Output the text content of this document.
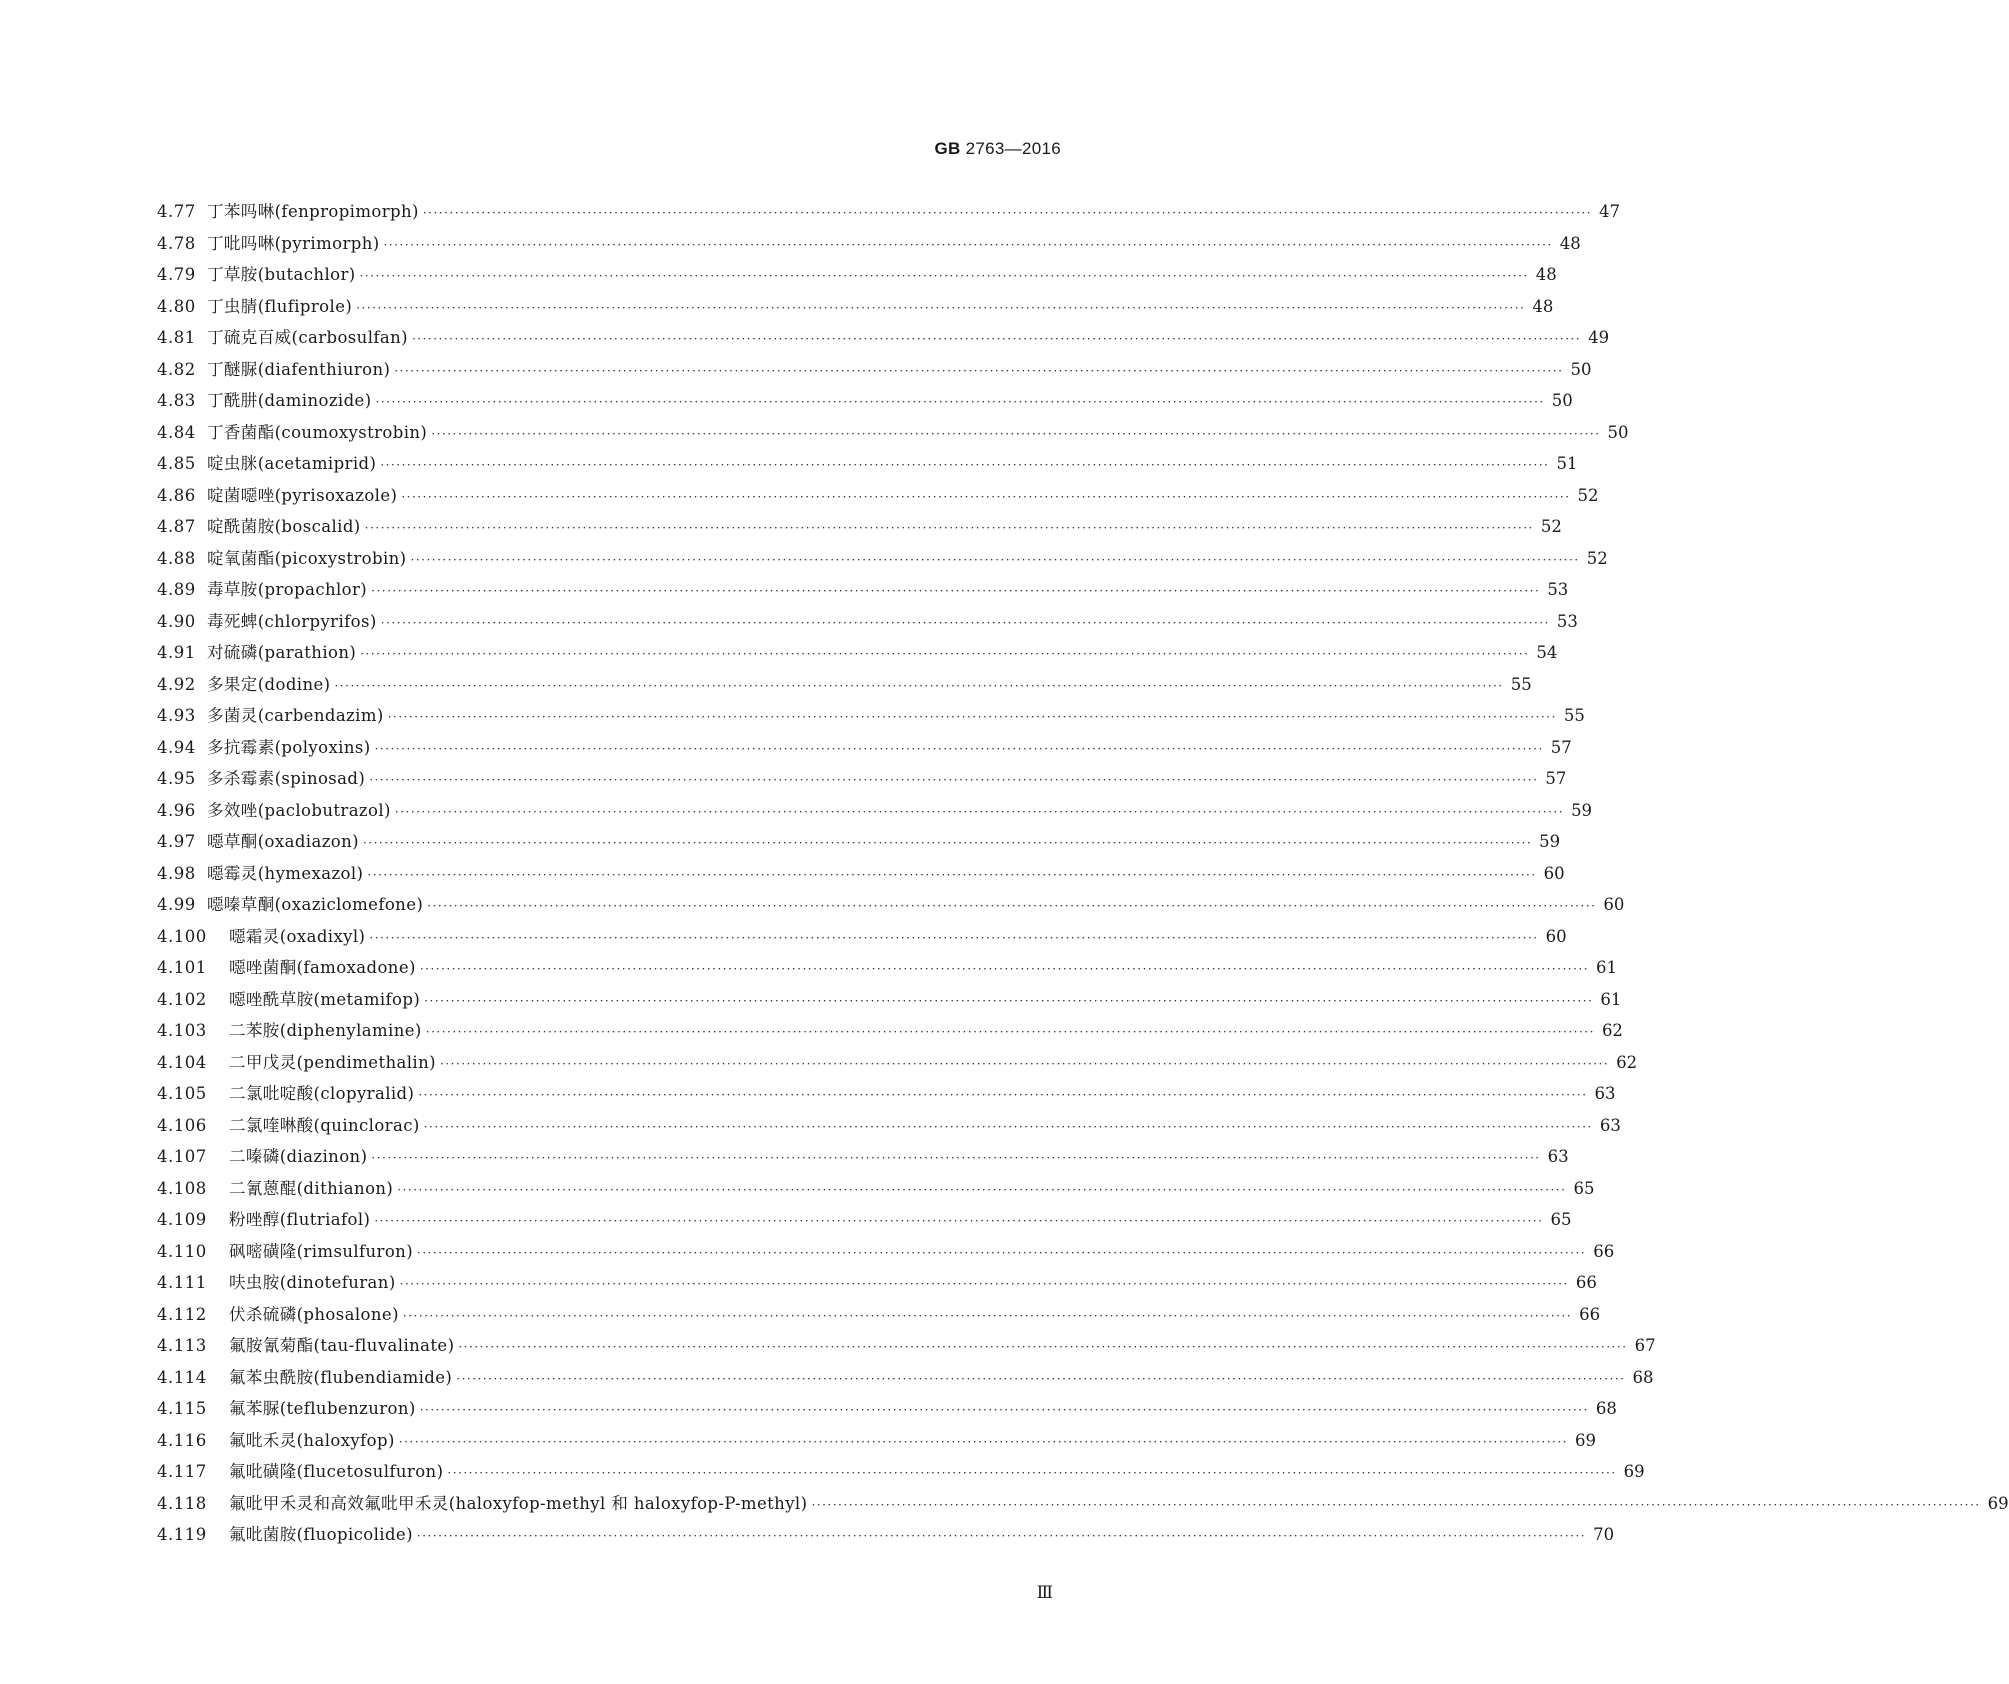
GB 2763—2016
4.77 丁苯吗啉(fenpropimorph) ···························································································································································································································· 47
4.78 丁吡吗啉(pyrimorph) ···························································································································································································································· 48
4.79 丁草胺(butachlor) ···························································································································································································································· 48
4.80 丁虫腈(flufiprole) ···························································································································································································································· 48
4.81 丁硫克百威(carbosulfan) ···························································································································································································································· 49
4.82 丁醚脲(diafenthiuron) ···························································································································································································································· 50
4.83 丁酰肼(daminozide) ···························································································································································································································· 50
4.84 丁香菌酯(coumoxystrobin) ···························································································································································································································· 50
4.85 啶虫脒(acetamiprid) ···························································································································································································································· 51
4.86 啶菌噁唑(pyrisoxazole) ···························································································································································································································· 52
4.87 啶酰菌胺(boscalid) ···························································································································································································································· 52
4.88 啶氧菌酯(picoxystrobin) ···························································································································································································································· 52
4.89 毒草胺(propachlor) ···························································································································································································································· 53
4.90 毒死蜱(chlorpyrifos) ···························································································································································································································· 53
4.91 对硫磷(parathion) ···························································································································································································································· 54
4.92 多果定(dodine) ···························································································································································································································· 55
4.93 多菌灵(carbendazim) ···························································································································································································································· 55
4.94 多抗霉素(polyoxins) ···························································································································································································································· 57
4.95 多杀霉素(spinosad) ···························································································································································································································· 57
4.96 多效唑(paclobutrazol) ···························································································································································································································· 59
4.97 噁草酮(oxadiazon) ···························································································································································································································· 59
4.98 噁霉灵(hymexazol) ···························································································································································································································· 60
4.99 噁嗪草酮(oxaziclomefone) ···························································································································································································································· 60
4.100	噁霜灵(oxadixyl) ···························································································································································································································· 60
4.101	噁唑菌酮(famoxadone) ···························································································································································································································· 61
4.102	噁唑酰草胺(metamifop) ···························································································································································································································· 61
4.103	二苯胺(diphenylamine) ···························································································································································································································· 62
4.104	二甲戊灵(pendimethalin) ···························································································································································································································· 62
4.105	二氯吡啶酸(clopyralid) ···························································································································································································································· 63
4.106	二氯喹啉酸(quinclorac) ···························································································································································································································· 63
4.107	二嗪磷(diazinon) ···························································································································································································································· 63
4.108	二氰蒽醌(dithianon) ···························································································································································································································· 65
4.109	粉唑醇(flutriafol) ···························································································································································································································· 65
4.110	砜嘧磺隆(rimsulfuron) ···························································································································································································································· 66
4.111	呋虫胺(dinotefuran) ···························································································································································································································· 66
4.112	伏杀硫磷(phosalone) ···························································································································································································································· 66
4.113	氟胺氰菊酯(tau-fluvalinate) ···························································································································································································································· 67
4.114	氟苯虫酰胺(flubendiamide) ···························································································································································································································· 68
4.115	氟苯脲(teflubenzuron) ···························································································································································································································· 68
4.116	氟吡禾灵(haloxyfop) ···························································································································································································································· 69
4.117	氟吡磺隆(flucetosulfuron) ···························································································································································································································· 69
4.118	氟吡甲禾灵和高效氟吡甲禾灵(haloxyfop-methyl 和 haloxyfop-P-methyl) ···························································································································································································································· 69
4.119	氟吡菌胺(fluopicolide) ···························································································································································································································· 70
Ⅲ
